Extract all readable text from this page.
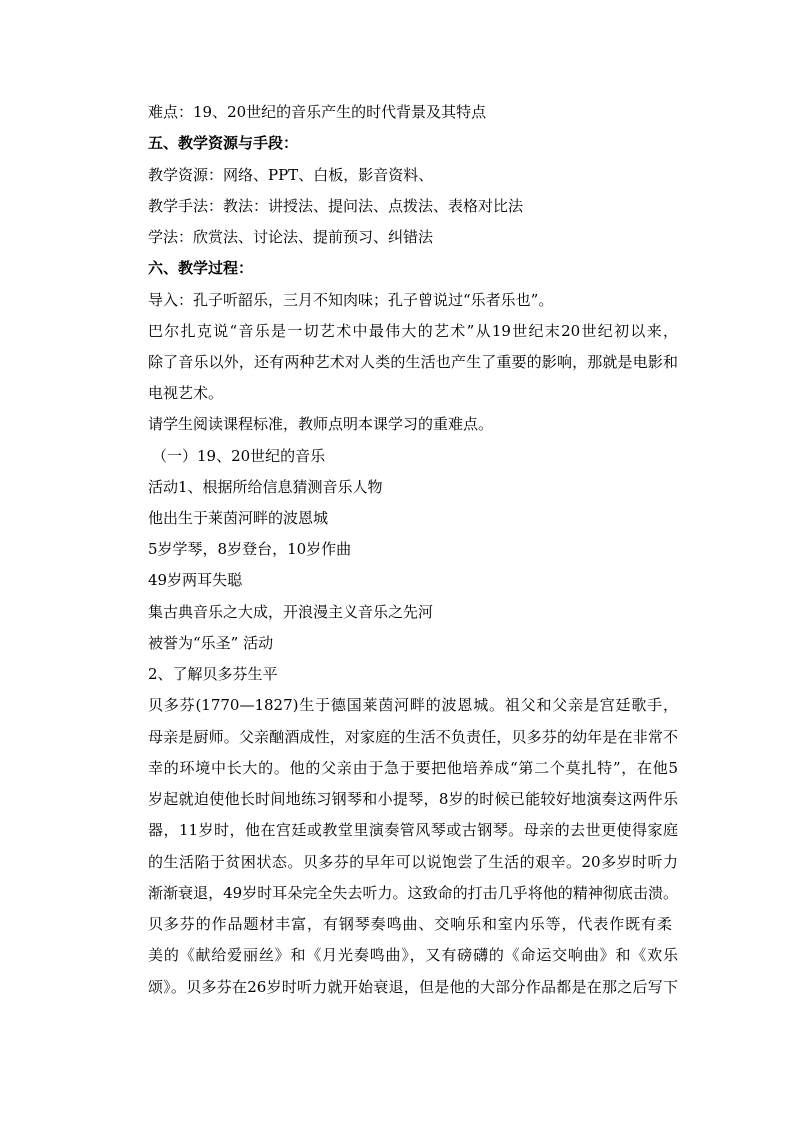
难点：19、20世纪的音乐产生的时代背景及其特点
五、教学资源与手段：
教学资源：网络、PPT、白板，影音资料、
教学手法：教法：讲授法、提问法、点拨法、表格对比法
学法：欣赏法、讨论法、提前预习、纠错法
六、教学过程：
导入：孔子听韶乐，三月不知肉味；孔子曾说过“乐者乐也”。
巴尔扎克说“音乐是一切艺术中最伟大的艺术”从19世纪末20世纪初以来，
除了音乐以外，还有两种艺术对人类的生活也产生了重要的影响，那就是电影和
电视艺术。
请学生阅读课程标准，教师点明本课学习的重难点。
（一）19、20世纪的音乐
活动1、根据所给信息猜测音乐人物
他出生于莱茵河畔的波恩城
5岁学琴，8岁登台，10岁作曲
49岁两耳失聪
集古典音乐之大成，开浪漫主义音乐之先河
被誉为“乐圣” 活动
2、了解贝多芬生平
贝多芬(1770—1827)生于德国莱茵河畔的波恩城。祖父和父亲是宫廷歌手，
母亲是厨师。父亲酗酒成性，对家庭的生活不负责任，贝多芬的幼年是在非常不
幸的环境中长大的。他的父亲由于急于要把他培养成“第二个莫扎特”，在他5
岁起就迫使他长时间地练习钢琴和小提琴，8岁的时候已能较好地演奏这两件乐
器，11岁时，他在宫廷或教堂里演奏管风琴或古钢琴。母亲的去世更使得家庭
的生活陷于贫困状态。贝多芬的早年可以说饱尝了生活的艰辛。20多岁时听力
渐渐衰退，49岁时耳朵完全失去听力。这致命的打击几乎将他的精神彻底击溃。
贝多芬的作品题材丰富，有钢琴奏鸣曲、交响乐和室内乐等，代表作既有柔
美的《献给爱丽丝》和《月光奏鸣曲》，又有磅礴的《命运交响曲》和《欢乐
颂》。贝多芬在26岁时听力就开始衰退，但是他的大部分作品都是在那之后写下
